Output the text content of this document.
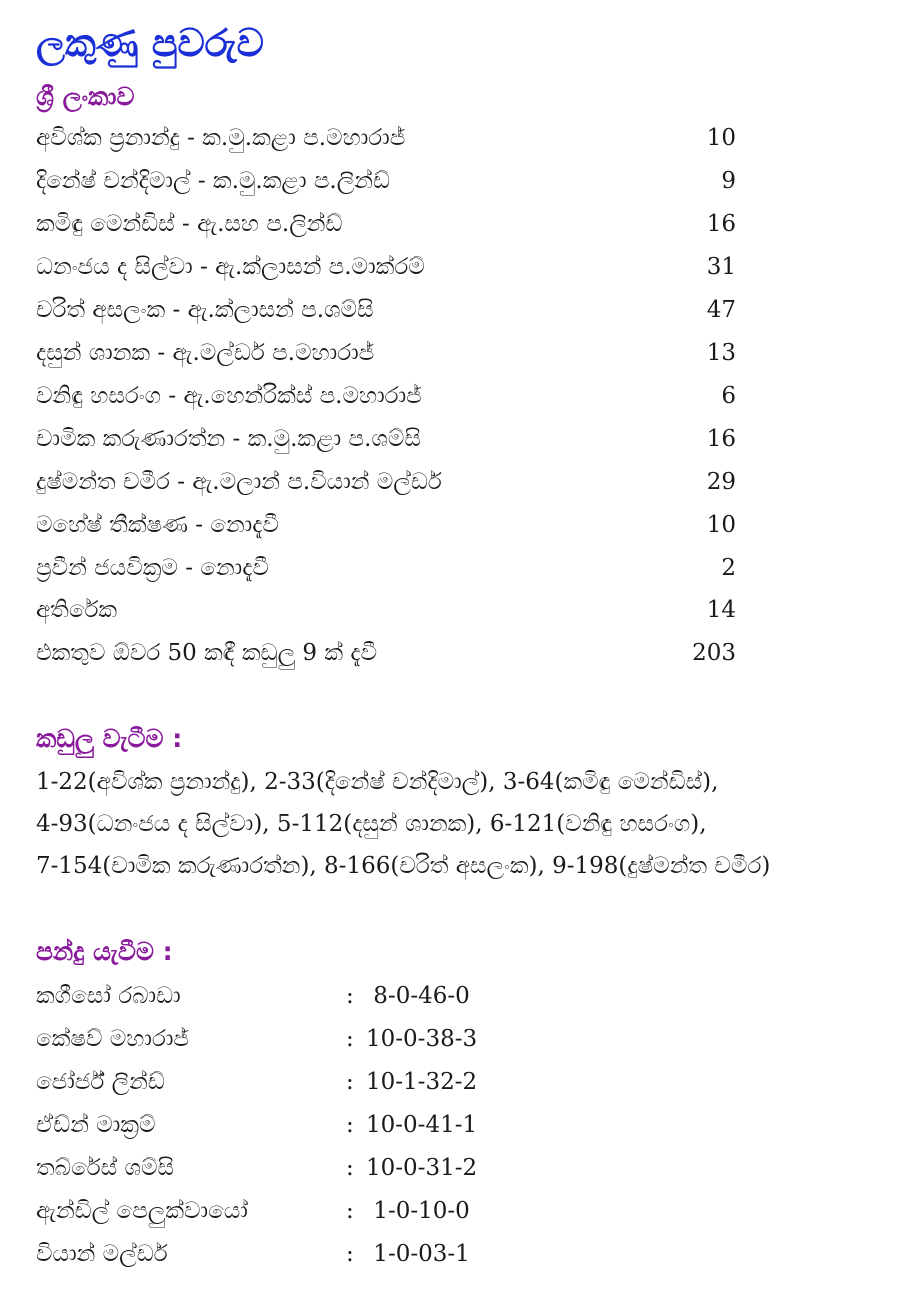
ලකුණු පුවරුව
ශ්‍රී ලංකාව
අවිශ්ක ප්‍රනාන්දු - ක.මු.කළා ප.මහාරාජ්	10
දිනේෂ් චන්දිමාල් - ක.මු.කළා ප.ලින්ඩ්	9
කමිඳු මෙන්ඩිස් - ඇ.සහ ප.ලින්ඩ්	16
ධනංජය ද සිල්වා - ඇ.ක්ලාසන් ප.මාක්රම්	31
චරිත් අසලංක - ඇ.ක්ලාසන් ප.ශම්සි	47
දසුන් ශානක - ඇ.මල්ඩර් ප.මහාරාජ්	13
වනිඳු හසරංග - ඇ.හෙන්රික්ස් ප.මහාරාජ්	6
චාමික කරුණාරත්න - ක.මු.කළා ප.ශම්සි	16
දුෂ්මන්ත චමීර - ඇ.මලාන් ප.වියාන් මල්ඩර්	29
මහේෂ් තීක්ෂණ - නොදැවී	10
ප්‍රවීන් ජයවික්‍රම - නොදැවී	2
අතිරේක	14
එකතුව ඕවර 50 කඳී කඩුලු 9 ක් දැවී	203
කඩුලු වැටීම :
1-22(අවිශ්ක ප්‍රනාන්දු), 2-33(දිනේෂ් චන්දිමාල්), 3-64(කමිඳු මෙන්ඩිස්),
4-93(ධනංජය ද සිල්වා), 5-112(දසුන් ශානක), 6-121(වනිඳු හසරංග),
7-154(චාමික කරුණාරත්න), 8-166(චරිත් අසලංක), 9-198(දුෂ්මන්ත චමීර)
පන්දු යැවීම :
කගීසෝ රබාඩා	: 8-0-46-0
කේෂව් මහාරාජ්	: 10-0-38-3
ජෝර්ජ් ලින්ඩ්	: 10-1-32-2
ඒඩ්න් මාක්‍රම්	: 10-0-41-1
තබ්රේස් ශම්සි	: 10-0-31-2
ඇන්ඩිල් පෙලුක්වායෝ	: 1-0-10-0
වියාන් මල්ඩර්	: 1-0-03-1
